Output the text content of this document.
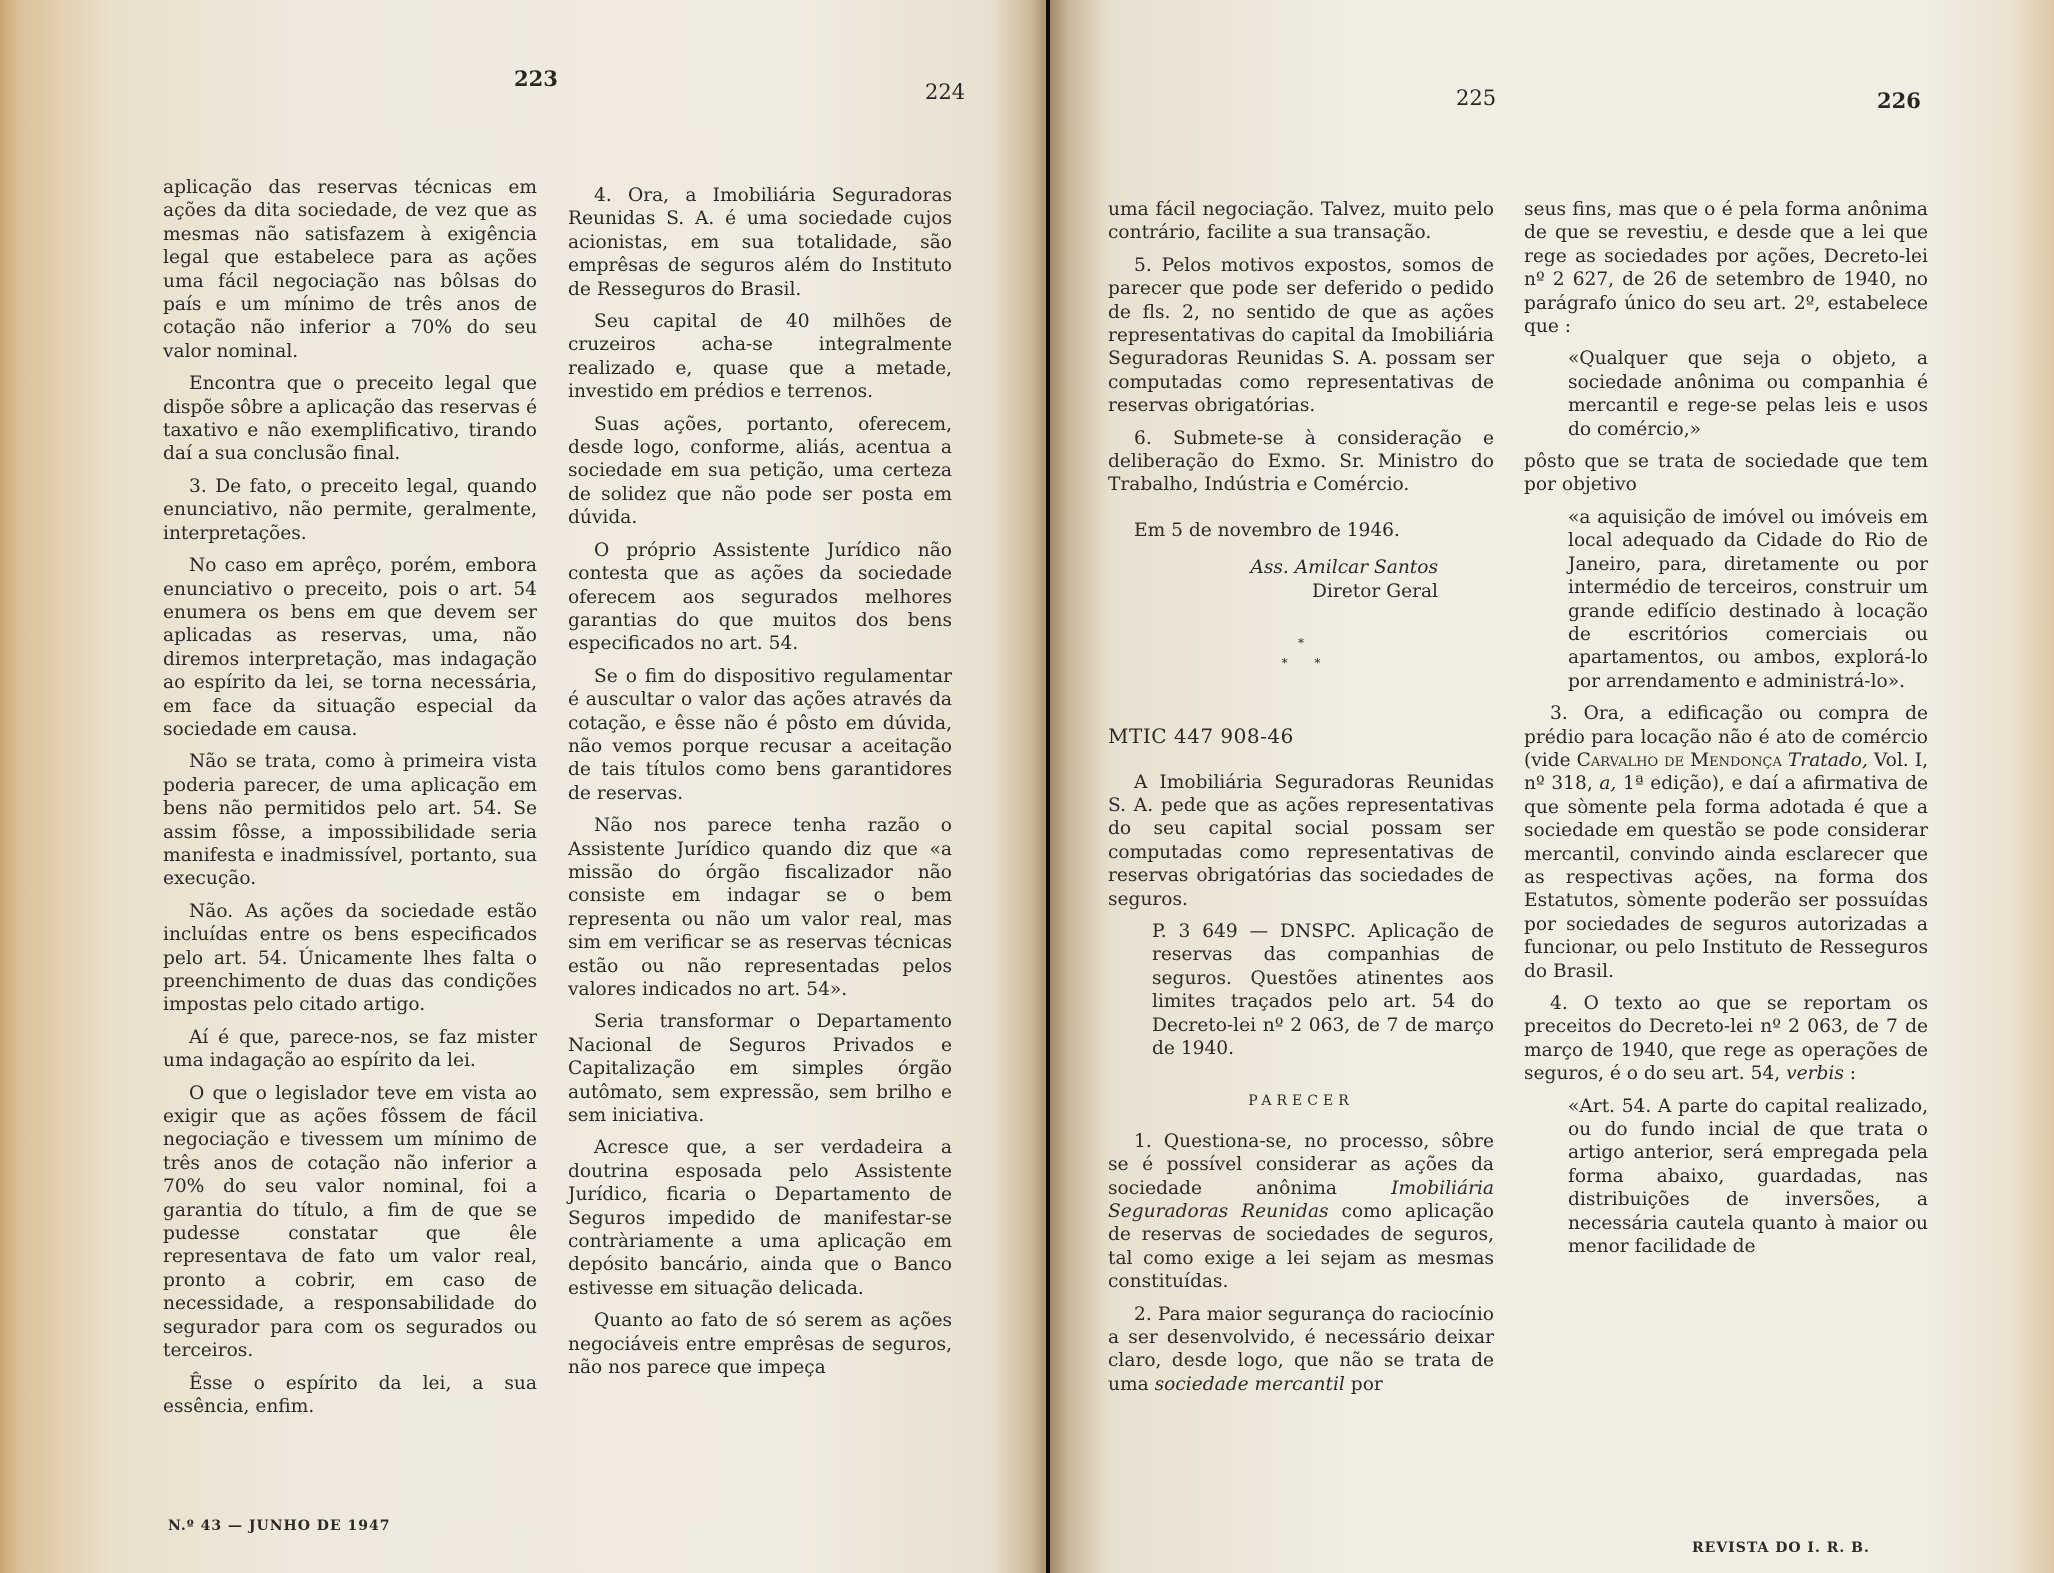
223
224

aplicação das reservas técnicas em ações da dita sociedade, de vez que as mesmas não satisfazem à exigência legal que estabelece para as ações uma fácil negociação nas bôlsas do país e um mínimo de três anos de cotação não inferior a 70% do seu valor nominal.

Encontra que o preceito legal que dispõe sôbre a aplicação das reservas é taxativo e não exemplificativo, tirando daí a sua conclusão final.

3. De fato, o preceito legal, quando enunciativo, não permite, geralmente, interpretações.

No caso em aprêço, porém, embora enunciativo o preceito, pois o art. 54 enumera os bens em que devem ser aplicadas as reservas, uma, não diremos interpretação, mas indagação ao espírito da lei, se torna necessária, em face da situação especial da sociedade em causa.

Não se trata, como à primeira vista poderia parecer, de uma aplicação em bens não permitidos pelo art. 54. Se assim fôsse, a impossibilidade seria manifesta e inadmissível, portanto, sua execução.

Não. As ações da sociedade estão incluídas entre os bens especificados pelo art. 54. Únicamente lhes falta o preenchimento de duas das condições impostas pelo citado artigo.

Aí é que, parece-nos, se faz mister uma indagação ao espírito da lei.

O que o legislador teve em vista ao exigir que as ações fôssem de fácil negociação e tivessem um mínimo de três anos de cotação não inferior a 70% do seu valor nominal, foi a garantia do título, a fim de que se pudesse constatar que êle representava de fato um valor real, pronto a cobrir, em caso de necessidade, a responsabilidade do segurador para com os segurados ou terceiros.

Êsse o espírito da lei, a sua essência, enfim.

4. Ora, a Imobiliária Seguradoras Reunidas S. A. é uma sociedade cujos acionistas, em sua totalidade, são emprêsas de seguros além do Instituto de Resseguros do Brasil.

Seu capital de 40 milhões de cruzeiros acha-se integralmente realizado e, quase que a metade, investido em prédios e terrenos.

Suas ações, portanto, oferecem, desde logo, conforme, aliás, acentua a sociedade em sua petição, uma certeza de solidez que não pode ser posta em dúvida.

O próprio Assistente Jurídico não contesta que as ações da sociedade oferecem aos segurados melhores garantias do que muitos dos bens especificados no art. 54.

Se o fim do dispositivo regulamentar é auscultar o valor das ações através da cotação, e êsse não é pôsto em dúvida, não vemos porque recusar a aceitação de tais títulos como bens garantidores de reservas.

Não nos parece tenha razão o Assistente Jurídico quando diz que «a missão do órgão fiscalizador não consiste em indagar se o bem representa ou não um valor real, mas sim em verificar se as reservas técnicas estão ou não representadas pelos valores indicados no art. 54».

Seria transformar o Departamento Nacional de Seguros Privados e Capitalização em simples órgão autômato, sem expressão, sem brilho e sem iniciativa.

Acresce que, a ser verdadeira a doutrina esposada pelo Assistente Jurídico, ficaria o Departamento de Seguros impedido de manifestar-se contràriamente a uma aplicação em depósito bancário, ainda que o Banco estivesse em situação delicada.

Quanto ao fato de só serem as ações negociáveis entre emprêsas de seguros, não nos parece que impeça

N.º 43 — JUNHO DE 1947
225	226

uma fácil negociação. Talvez, muito pelo contrário, facilite a sua transação.

5. Pelos motivos expostos, somos de parecer que pode ser deferido o pedido de fls. 2, no sentido de que as ações representativas do capital da Imobiliária Seguradoras Reunidas S. A. possam ser computadas como representativas de reservas obrigatórias.

6. Submete-se à consideração e deliberação do Exmo. Sr. Ministro do Trabalho, Indústria e Comércio.

Em 5 de novembro de 1946.

Ass. Amilcar Santos

Diretor Geral

*
*       *

MTIC 447 908-46

A Imobiliária Seguradoras Reunidas S. A. pede que as ações representativas do seu capital social possam ser computadas como representativas de reservas obrigatórias das sociedades de seguros.

P. 3 649 — DNSPC. Aplicação de reservas das companhias de seguros. Questões atinentes aos limites traçados pelo art. 54 do Decreto-lei nº 2 063, de 7 de março de 1940.

PARECER

1. Questiona-se, no processo, sôbre se é possível considerar as ações da sociedade anônima Imobiliária Seguradoras Reunidas como aplicação de reservas de sociedades de seguros, tal como exige a lei sejam as mesmas constituídas.

2. Para maior segurança do raciocínio a ser desenvolvido, é necessário deixar claro, desde logo, que não se trata de uma sociedade mercantil por

seus fins, mas que o é pela forma anônima de que se revestiu, e desde que a lei que rege as sociedades por ações, Decreto-lei nº 2 627, de 26 de setembro de 1940, no parágrafo único do seu art. 2º, estabelece que :

«Qualquer que seja o objeto, a sociedade anônima ou companhia é mercantil e rege-se pelas leis e usos do comércio,»

pôsto que se trata de sociedade que tem por objetivo

«a aquisição de imóvel ou imóveis em local adequado da Cidade do Rio de Janeiro, para, diretamente ou por intermédio de terceiros, construir um grande edifício destinado à locação de escritórios comerciais ou apartamentos, ou ambos, explorá-lo por arrendamento e administrá-lo».

3. Ora, a edificação ou compra de prédio para locação não é ato de comércio (vide Carvalho de Mendonça Tratado, Vol. I, nº 318, a, 1ª edição), e daí a afirmativa de que sòmente pela forma adotada é que a sociedade em questão se pode considerar mercantil, convindo ainda esclarecer que as respectivas ações, na forma dos Estatutos, sòmente poderão ser possuídas por sociedades de seguros autorizadas a funcionar, ou pelo Instituto de Resseguros do Brasil.

4. O texto ao que se reportam os preceitos do Decreto-lei nº 2 063, de 7 de março de 1940, que rege as operações de seguros, é o do seu art. 54, verbis :

«Art. 54. A parte do capital realizado, ou do fundo incial de que trata o artigo anterior, será empregada pela forma abaixo, guardadas, nas distribuições de inversões, a necessária cautela quanto à maior ou menor facilidade de

REVISTA DO I. R. B.
